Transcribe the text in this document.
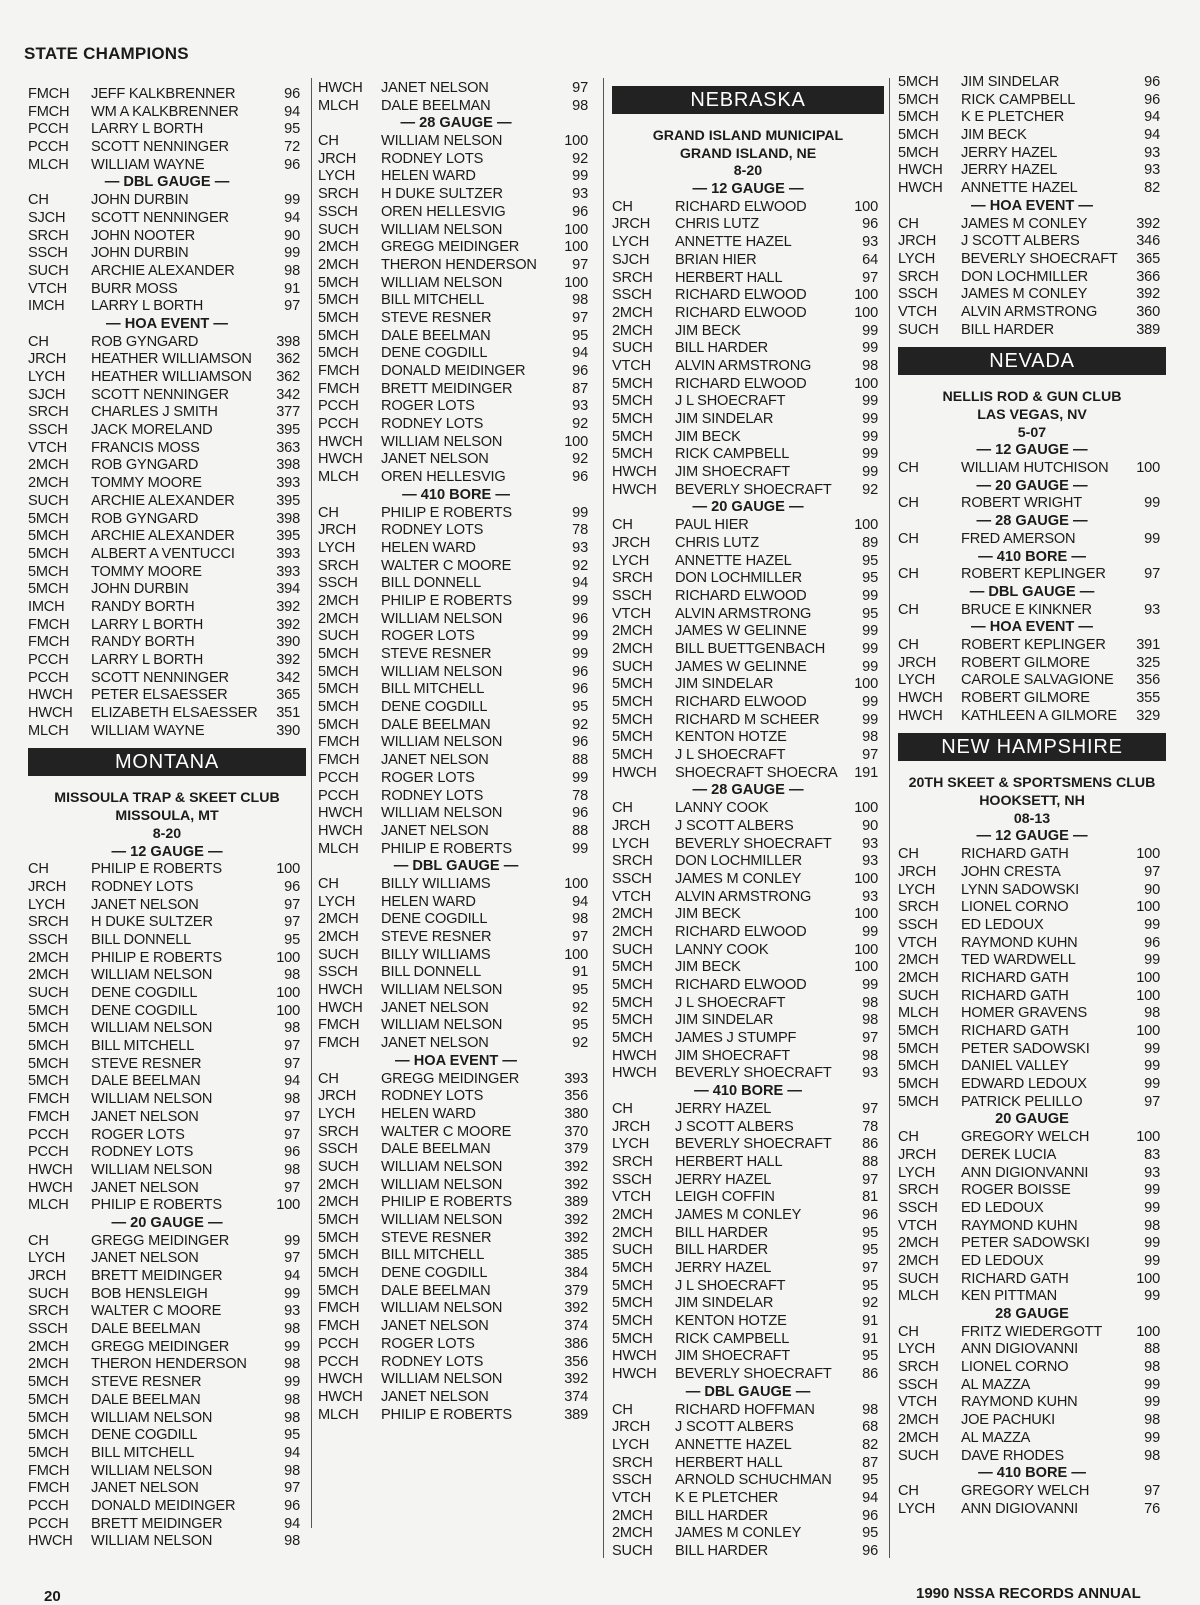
STATE CHAMPIONS
FMCH	JEFF KALKBRENNER	96
FMCH	WM A KALKBRENNER	94
PCCH	LARRY L BORTH	95
PCCH	SCOTT NENNINGER	72
MLCH	WILLIAM WAYNE	96
— DBL GAUGE —
CH	JOHN DURBIN	99
SJCH	SCOTT NENNINGER	94
SRCH	JOHN NOOTER	90
SSCH	JOHN DURBIN	99
SUCH	ARCHIE ALEXANDER	98
VTCH	BURR MOSS	91
IMCH	LARRY L BORTH	97
— HOA EVENT —
CH	ROB GYNGARD	398
JRCH	HEATHER WILLIAMSON 362
LYCH	HEATHER WILLIAMSON 362
SJCH	SCOTT NENNINGER	342
SRCH	CHARLES J SMITH	377
SSCH	JACK MORELAND	395
VTCH	FRANCIS MOSS	363
2MCH	ROB GYNGARD	398
2MCH	TOMMY MOORE	393
SUCH	ARCHIE ALEXANDER	395
5MCH	ROB GYNGARD	398
5MCH	ARCHIE ALEXANDER	395
5MCH	ALBERT A VENTUCCI	393
5MCH	TOMMY MOORE	393
5MCH	JOHN DURBIN	394
IMCH	RANDY BORTH	392
FMCH	LARRY L BORTH	392
FMCH	RANDY BORTH	390
PCCH	LARRY L BORTH	392
PCCH	SCOTT NENNINGER	342
HWCH	PETER ELSAESSER	365
HWCH	ELIZABETH ELSAESSER 351
MLCH	WILLIAM WAYNE	390
MONTANA
MISSOULA TRAP & SKEET CLUB
MISSOULA, MT
8-20
— 12 GAUGE —
CH	PHILIP E ROBERTS	100
JRCH	RODNEY LOTS	96
LYCH	JANET NELSON	97
SRCH	H DUKE SULTZER	97
SSCH	BILL DONNELL	95
2MCH	PHILIP E ROBERTS	100
2MCH	WILLIAM NELSON	98
SUCH	DENE COGDILL	100
5MCH	DENE COGDILL	100
5MCH	WILLIAM NELSON	98
5MCH	BILL MITCHELL	97
5MCH	STEVE RESNER	97
5MCH	DALE BEELMAN	94
FMCH	WILLIAM NELSON	98
FMCH	JANET NELSON	97
PCCH	ROGER LOTS	97
PCCH	RODNEY LOTS	96
HWCH	WILLIAM NELSON	98
HWCH	JANET NELSON	97
MLCH	PHILIP E ROBERTS	100
— 20 GAUGE —
CH	GREGG MEIDINGER	99
LYCH	JANET NELSON	97
JRCH	BRETT MEIDINGER	94
SUCH	BOB HENSLEIGH	99
SRCH	WALTER C MOORE	93
SSCH	DALE BEELMAN	98
2MCH	GREGG MEIDINGER	99
2MCH	THERON HENDERSON	98
5MCH	STEVE RESNER	99
5MCH	DALE BEELMAN	98
5MCH	WILLIAM NELSON	98
5MCH	DENE COGDILL	95
5MCH	BILL MITCHELL	94
FMCH	WILLIAM NELSON	98
FMCH	JANET NELSON	97
PCCH	DONALD MEIDINGER	96
PCCH	BRETT MEIDINGER	94
HWCH	WILLIAM NELSON	98
HWCH	JANET NELSON	97
MLCH	DALE BEELMAN	98
— 28 GAUGE —
CH	WILLIAM NELSON	100
JRCH	RODNEY LOTS	92
LYCH	HELEN WARD	99
SRCH	H DUKE SULTZER	93
SSCH	OREN HELLESVIG	96
SUCH	WILLIAM NELSON	100
2MCH	GREGG MEIDINGER	100
2MCH	THERON HENDERSON 97
5MCH	WILLIAM NELSON	100
5MCH	BILL MITCHELL	98
5MCH	STEVE RESNER	97
5MCH	DALE BEELMAN	95
5MCH	DENE COGDILL	94
FMCH	DONALD MEIDINGER	96
FMCH	BRETT MEIDINGER	87
PCCH	ROGER LOTS	93
PCCH	RODNEY LOTS	92
HWCH	WILLIAM NELSON	100
HWCH	JANET NELSON	92
MLCH	OREN HELLESVIG	96
— 410 BORE —
CH	PHILIP E ROBERTS	99
JRCH	RODNEY LOTS	78
LYCH	HELEN WARD	93
SRCH	WALTER C MOORE	92
SSCH	BILL DONNELL	94
2MCH	PHILIP E ROBERTS	99
2MCH	WILLIAM NELSON	96
SUCH	ROGER LOTS	99
5MCH	STEVE RESNER	99
5MCH	WILLIAM NELSON	96
5MCH	BILL MITCHELL	96
5MCH	DENE COGDILL	95
5MCH	DALE BEELMAN	92
FMCH	WILLIAM NELSON	96
FMCH	JANET NELSON	88
PCCH	ROGER LOTS	99
PCCH	RODNEY LOTS	78
HWCH	WILLIAM NELSON	96
HWCH	JANET NELSON	88
MLCH	PHILIP E ROBERTS	99
— DBL GAUGE —
CH	BILLY WILLIAMS	100
LYCH	HELEN WARD	94
2MCH	DENE COGDILL	98
2MCH	STEVE RESNER	97
SUCH	BILLY WILLIAMS	100
SSCH	BILL DONNELL	91
HWCH	WILLIAM NELSON	95
HWCH	JANET NELSON	92
FMCH	WILLIAM NELSON	95
FMCH	JANET NELSON	92
— HOA EVENT —
CH	GREGG MEIDINGER	393
JRCH	RODNEY LOTS	356
LYCH	HELEN WARD	380
SRCH	WALTER C MOORE	370
SSCH	DALE BEELMAN	379
SUCH	WILLIAM NELSON	392
2MCH	WILLIAM NELSON	392
2MCH	PHILIP E ROBERTS	389
5MCH	WILLIAM NELSON	392
5MCH	STEVE RESNER	392
5MCH	BILL MITCHELL	385
5MCH	DENE COGDILL	384
5MCH	DALE BEELMAN	379
FMCH	WILLIAM NELSON	392
FMCH	JANET NELSON	374
PCCH	ROGER LOTS	386
PCCH	RODNEY LOTS	356
HWCH	WILLIAM NELSON	392
HWCH	JANET NELSON	374
MLCH	PHILIP E ROBERTS	389
NEBRASKA
GRAND ISLAND MUNICIPAL
GRAND ISLAND, NE
8-20
— 12 GAUGE —
CH	RICHARD ELWOOD	100
JRCH	CHRIS LUTZ	96
LYCH	ANNETTE HAZEL	93
SJCH	BRIAN HIER	64
SRCH	HERBERT HALL	97
SSCH	RICHARD ELWOOD	100
2MCH	RICHARD ELWOOD	100
2MCH	JIM BECK	99
SUCH	BILL HARDER	99
VTCH	ALVIN ARMSTRONG	98
5MCH	RICHARD ELWOOD	100
5MCH	J L SHOECRAFT	99
5MCH	JIM SINDELAR	99
5MCH	JIM BECK	99
5MCH	RICK CAMPBELL	99
HWCH	JIM SHOECRAFT	99
HWCH	BEVERLY SHOECRAFT 92
— 20 GAUGE —
CH	PAUL HIER	100
JRCH	CHRIS LUTZ	89
LYCH	ANNETTE HAZEL	95
SRCH	DON LOCHMILLER	95
SSCH	RICHARD ELWOOD	99
VTCH	ALVIN ARMSTRONG	95
2MCH	JAMES W GELINNE	99
2MCH	BILL BUETTGENBACH	99
SUCH	JAMES W GELINNE	99
5MCH	JIM SINDELAR	100
5MCH	RICHARD ELWOOD	99
5MCH	RICHARD M SCHEER	99
5MCH	KENTON HOTZE	98
5MCH	J L SHOECRAFT	97
HWCH	SHOECRAFT SHOECRA 191
— 28 GAUGE —
CH	LANNY COOK	100
JRCH	J SCOTT ALBERS	90
LYCH	BEVERLY SHOECRAFT 93
SRCH	DON LOCHMILLER	93
SSCH	JAMES M CONLEY	100
VTCH	ALVIN ARMSTRONG	93
2MCH	JIM BECK	100
2MCH	RICHARD ELWOOD	99
SUCH	LANNY COOK	100
5MCH	JIM BECK	100
5MCH	RICHARD ELWOOD	99
5MCH	J L SHOECRAFT	98
5MCH	JIM SINDELAR	98
5MCH	JAMES J STUMPF	97
HWCH	JIM SHOECRAFT	98
HWCH	BEVERLY SHOECRAFT 93
— 410 BORE —
CH	JERRY HAZEL	97
JRCH	J SCOTT ALBERS	78
LYCH	BEVERLY SHOECRAFT 86
SRCH	HERBERT HALL	88
SSCH	JERRY HAZEL	97
VTCH	LEIGH COFFIN	81
2MCH	JAMES M CONLEY	96
2MCH	BILL HARDER	95
SUCH	BILL HARDER	95
5MCH	JERRY HAZEL	97
5MCH	J L SHOECRAFT	95
5MCH	JIM SINDELAR	92
5MCH	KENTON HOTZE	91
5MCH	RICK CAMPBELL	91
HWCH	JIM SHOECRAFT	95
HWCH	BEVERLY SHOECRAFT 86
— DBL GAUGE —
CH	RICHARD HOFFMAN	98
JRCH	J SCOTT ALBERS	68
LYCH	ANNETTE HAZEL	82
SRCH	HERBERT HALL	87
SSCH	ARNOLD SCHUCHMAN 95
VTCH	K E PLETCHER	94
2MCH	BILL HARDER	96
2MCH	JAMES M CONLEY	95
SUCH	BILL HARDER	96
5MCH	JIM SINDELAR	96
5MCH	RICK CAMPBELL	96
5MCH	K E PLETCHER	94
5MCH	JIM BECK	94
5MCH	JERRY HAZEL	93
HWCH	JERRY HAZEL	93
HWCH	ANNETTE HAZEL	82
— HOA EVENT —
CH	JAMES M CONLEY	392
JRCH	J SCOTT ALBERS	346
LYCH	BEVERLY SHOECRAFT 365
SRCH	DON LOCHMILLER	366
SSCH	JAMES M CONLEY	392
VTCH	ALVIN ARMSTRONG	360
SUCH	BILL HARDER	389
NEVADA
NELLIS ROD & GUN CLUB
LAS VEGAS, NV
5-07
— 12 GAUGE —
CH	WILLIAM HUTCHISON 100
— 20 GAUGE —
CH	ROBERT WRIGHT	99
— 28 GAUGE —
CH	FRED AMERSON	99
— 410 BORE —
CH	ROBERT KEPLINGER	97
— DBL GAUGE —
CH	BRUCE E KINKNER	93
— HOA EVENT —
CH	ROBERT KEPLINGER 391
JRCH	ROBERT GILMORE	325
LYCH	CAROLE SALVAGIONE 356
HWCH	ROBERT GILMORE	355
HWCH	KATHLEEN A GILMORE 329
NEW HAMPSHIRE
20TH SKEET & SPORTSMENS CLUB
HOOKSETT, NH
08-13
— 12 GAUGE —
CH	RICHARD GATH	100
JRCH	JOHN CRESTA	97
LYCH	LYNN SADOWSKI	90
SRCH	LIONEL CORNO	100
SSCH	ED LEDOUX	99
VTCH	RAYMOND KUHN	96
2MCH	TED WARDWELL	99
2MCH	RICHARD GATH	100
SUCH	RICHARD GATH	100
MLCH	HOMER GRAVENS	98
5MCH	RICHARD GATH	100
5MCH	PETER SADOWSKI	99
5MCH	DANIEL VALLEY	99
5MCH	EDWARD LEDOUX	99
5MCH	PATRICK PELILLO	97
20 GAUGE
CH	GREGORY WELCH	100
JRCH	DEREK LUCIA	83
LYCH	ANN DIGIONVANNI	93
SRCH	ROGER BOISSE	99
SSCH	ED LEDOUX	99
VTCH	RAYMOND KUHN	98
2MCH	PETER SADOWSKI	99
2MCH	ED LEDOUX	99
SUCH	RICHARD GATH	100
MLCH	KEN PITTMAN	99
28 GAUGE
CH	FRITZ WIEDERGOTT 100
LYCH	ANN DIGIOVANNI	88
SRCH	LIONEL CORNO	98
SSCH	AL MAZZA	99
VTCH	RAYMOND KUHN	99
2MCH	JOE PACHUKI	98
2MCH	AL MAZZA	99
SUCH	DAVE RHODES	98
— 410 BORE —
CH	GREGORY WELCH	97
LYCH	ANN DIGIOVANNI	76
20	1990 NSSA RECORDS ANNUAL
